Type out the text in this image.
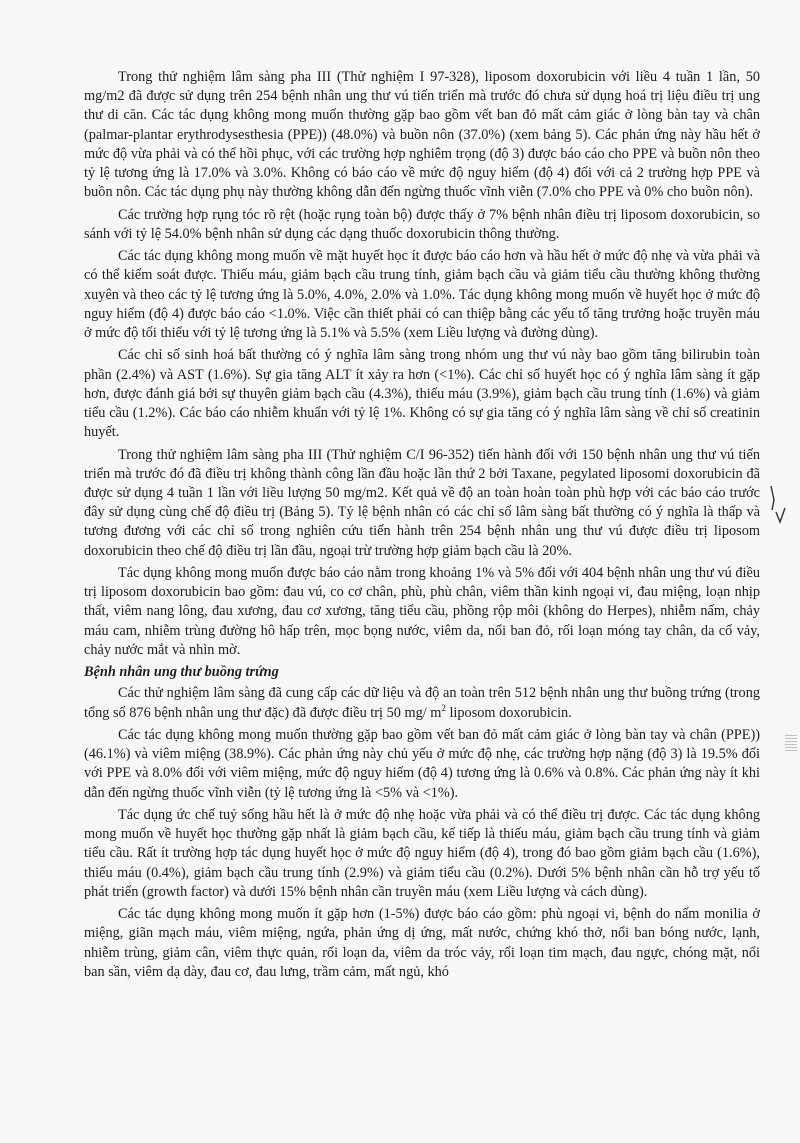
Trong thử nghiệm lâm sàng pha III (Thử nghiệm I 97-328), liposom doxorubicin với liều 4 tuần 1 lần, 50 mg/m2 đã được sử dụng trên 254 bệnh nhân ung thư vú tiến triển mà trước đó chưa sử dụng hoá trị liệu điều trị ung thư di căn. Các tác dụng không mong muốn thường gặp bao gồm vết ban đỏ mất cảm giác ở lòng bàn tay và chân (palmar-plantar erythrodysesthesia (PPE)) (48.0%) và buồn nôn (37.0%) (xem bảng 5). Các phản ứng này hầu hết ở mức độ vừa phải và có thể hồi phục, với các trường hợp nghiêm trọng (độ 3) được báo cáo cho PPE và buồn nôn theo tỷ lệ tương ứng là 17.0% và 3.0%. Không có báo cáo về mức độ nguy hiểm (độ 4) đối với cả 2 trường hợp PPE và buồn nôn. Các tác dụng phụ này thường không dẫn đến ngừng thuốc vĩnh viễn (7.0% cho PPE và 0% cho buồn nôn).

Các trường hợp rụng tóc rõ rệt (hoặc rụng toàn bộ) được thấy ở 7% bệnh nhân điều trị liposom doxorubicin, so sánh với tỷ lệ 54.0% bệnh nhân sử dụng các dạng thuốc doxorubicin thông thường.

Các tác dụng không mong muốn về mặt huyết học ít được báo cáo hơn và hầu hết ở mức độ nhẹ và vừa phải và có thể kiểm soát được. Thiếu máu, giảm bạch cầu trung tính, giảm bạch cầu và giảm tiểu cầu thường không thường xuyên và theo các tỷ lệ tương ứng là 5.0%, 4.0%, 2.0% và 1.0%. Tác dụng không mong muốn về huyết học ở mức độ nguy hiểm (độ 4) được báo cáo <1.0%. Việc cần thiết phải có can thiệp bằng các yếu tố tăng trưởng hoặc truyền máu ở mức độ tối thiểu với tỷ lệ tương ứng là 5.1% và 5.5% (xem Liều lượng và đường dùng).

Các chỉ số sinh hoá bất thường có ý nghĩa lâm sàng trong nhóm ung thư vú này bao gồm tăng bilirubin toàn phần (2.4%) và AST (1.6%). Sự gia tăng ALT ít xảy ra hơn (<1%). Các chỉ số huyết học có ý nghĩa lâm sàng ít gặp hơn, được đánh giá bởi sự thuyên giảm bạch cầu (4.3%), thiếu máu (3.9%), giảm bạch cầu trung tính (1.6%) và giảm tiểu cầu (1.2%). Các báo cáo nhiễm khuẩn với tỷ lệ 1%. Không có sự gia tăng có ý nghĩa lâm sàng về chỉ số creatinin huyết.

Trong thử nghiệm lâm sàng pha III (Thử nghiệm C/I 96-352) tiến hành đối với 150 bệnh nhân ung thư vú tiến triển mà trước đó đã điều trị không thành công lần đầu hoặc lần thứ 2 bởi Taxane, pegylated liposomi doxorubicin đã được sử dụng 4 tuần 1 lần với liều lượng 50 mg/m2. Kết quả về độ an toàn hoàn toàn phù hợp với các báo cáo trước đây sử dụng cùng chế độ điều trị (Bảng 5). Tỷ lệ bệnh nhân có các chỉ số lâm sàng bất thường có ý nghĩa là thấp và tương đương với các chỉ số trong nghiên cứu tiến hành trên 254 bệnh nhân ung thư vú được điều trị liposom doxorubicin theo chế độ điều trị lần đầu, ngoại trừ trường hợp giảm bạch cầu là 20%.

Tác dụng không mong muốn được báo cáo nằm trong khoảng 1% và 5% đối với 404 bệnh nhân ung thư vú điều trị liposom doxorubicin bao gồm: đau vú, co cơ chân, phù, phù chân, viêm thần kinh ngoại vi, đau miệng, loạn nhịp thất, viêm nang lông, đau xương, đau cơ xương, tăng tiểu cầu, phồng rộp môi (không do Herpes), nhiễm nấm, chảy máu cam, nhiễm trùng đường hô hấp trên, mọc bọng nước, viêm da, nổi ban đỏ, rối loạn móng tay chân, da cố vảy, chảy nước mắt và nhìn mờ.

Bệnh nhân ung thư buồng trứng

Các thử nghiệm lâm sàng đã cung cấp các dữ liệu và độ an toàn trên 512 bệnh nhân ung thư buồng trứng (trong tổng số 876 bệnh nhân ung thư đặc) đã được điều trị 50 mg/ $m^2$ liposom doxorubicin.

Các tác dụng không mong muốn thường gặp bao gồm vết ban đỏ mất cảm giác ở lòng bàn tay và chân (PPE)) (46.1%) và viêm miệng (38.9%). Các phản ứng này chủ yếu ở mức độ nhẹ, các trường hợp nặng (độ 3) là 19.5% đối với PPE và 8.0% đối với viêm miệng, mức độ nguy hiểm (độ 4) tương ứng là 0.6% và 0.8%. Các phản ứng này ít khi dẫn đến ngừng thuốc vĩnh viễn (tỷ lệ tương ứng là <5% và <1%).

Tác dụng ức chế tuỷ sống hầu hết là ở mức độ nhẹ hoặc vừa phải và có thể điều trị được. Các tác dụng không mong muốn về huyết học thường gặp nhất là giảm bạch cầu, kế tiếp là thiếu máu, giảm bạch cầu trung tính và giảm tiểu cầu. Rất ít trường hợp tác dụng huyết học ở mức độ nguy hiểm (độ 4), trong đó bao gồm giảm bạch cầu (1.6%), thiếu máu (0.4%), giảm bạch cầu trung tính (2.9%) và giảm tiểu cầu (0.2%). Dưới 5% bệnh nhân cần hỗ trợ yếu tố phát triển (growth factor) và dưới 15% bệnh nhân cần truyền máu (xem Liều lượng và cách dùng).

Các tác dụng không mong muốn ít gặp hơn (1-5%) được báo cáo gồm: phù ngoại vi, bệnh do nấm monilia ở miệng, giãn mạch máu, viêm miệng, ngứa, phản ứng dị ứng, mất nước, chứng khó thở, nổi ban bóng nước, lạnh, nhiễm trùng, giảm cân, viêm thực quản, rối loạn da, viêm da tróc vảy, rối loạn tim mạch, đau ngực, chóng mặt, nổi ban sần, viêm dạ dày, đau cơ, đau lưng, trầm cảm, mất ngủ, khó
